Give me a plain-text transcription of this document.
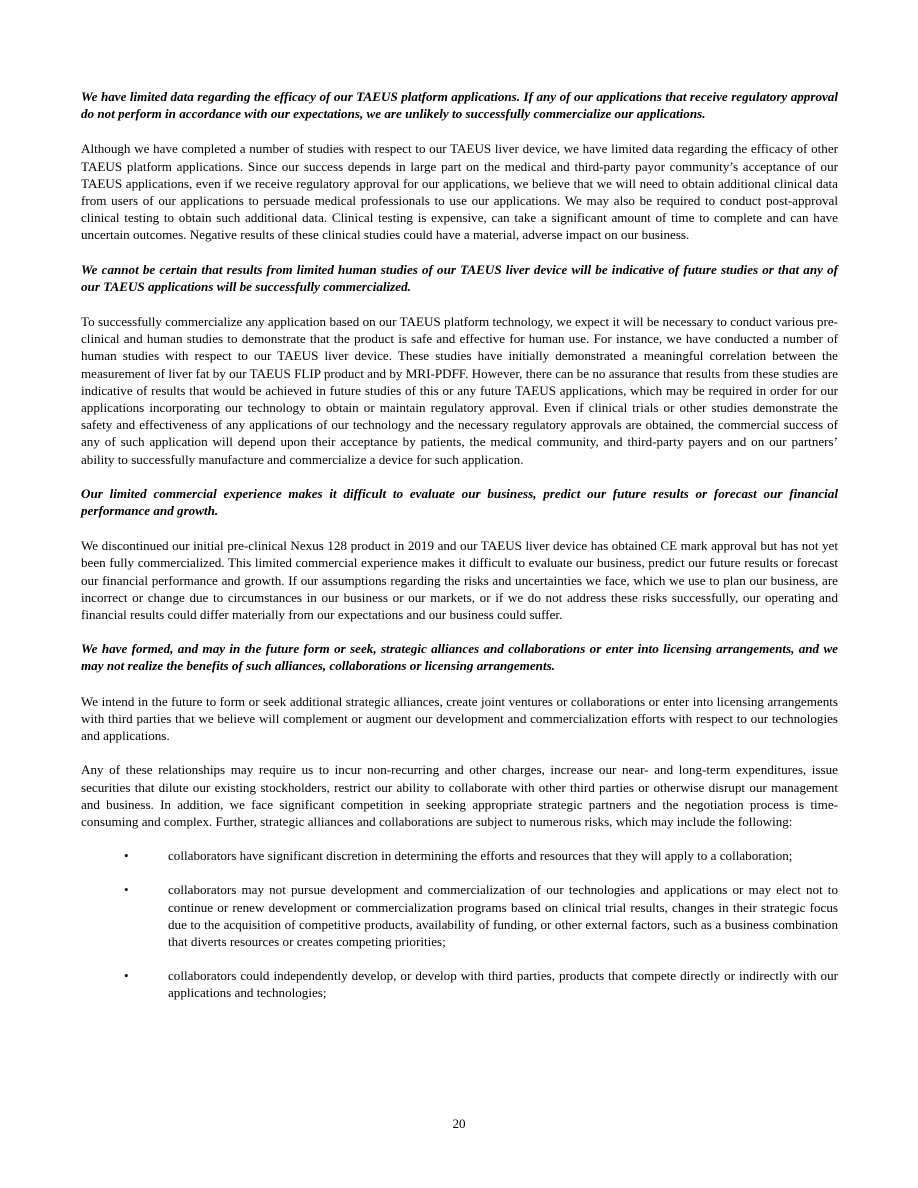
We have limited data regarding the efficacy of our TAEUS platform applications. If any of our applications that receive regulatory approval do not perform in accordance with our expectations, we are unlikely to successfully commercialize our applications.

Although we have completed a number of studies with respect to our TAEUS liver device, we have limited data regarding the efficacy of other TAEUS platform applications. Since our success depends in large part on the medical and third-party payor community’s acceptance of our TAEUS applications, even if we receive regulatory approval for our applications, we believe that we will need to obtain additional clinical data from users of our applications to persuade medical professionals to use our applications. We may also be required to conduct post-approval clinical testing to obtain such additional data. Clinical testing is expensive, can take a significant amount of time to complete and can have uncertain outcomes. Negative results of these clinical studies could have a material, adverse impact on our business.

We cannot be certain that results from limited human studies of our TAEUS liver device will be indicative of future studies or that any of our TAEUS applications will be successfully commercialized.

To successfully commercialize any application based on our TAEUS platform technology, we expect it will be necessary to conduct various pre-clinical and human studies to demonstrate that the product is safe and effective for human use. For instance, we have conducted a number of human studies with respect to our TAEUS liver device. These studies have initially demonstrated a meaningful correlation between the measurement of liver fat by our TAEUS FLIP product and by MRI-PDFF. However, there can be no assurance that results from these studies are indicative of results that would be achieved in future studies of this or any future TAEUS applications, which may be required in order for our applications incorporating our technology to obtain or maintain regulatory approval. Even if clinical trials or other studies demonstrate the safety and effectiveness of any applications of our technology and the necessary regulatory approvals are obtained, the commercial success of any of such application will depend upon their acceptance by patients, the medical community, and third-party payers and on our partners’ ability to successfully manufacture and commercialize a device for such application.

Our limited commercial experience makes it difficult to evaluate our business, predict our future results or forecast our financial performance and growth.

We discontinued our initial pre-clinical Nexus 128 product in 2019 and our TAEUS liver device has obtained CE mark approval but has not yet been fully commercialized. This limited commercial experience makes it difficult to evaluate our business, predict our future results or forecast our financial performance and growth. If our assumptions regarding the risks and uncertainties we face, which we use to plan our business, are incorrect or change due to circumstances in our business or our markets, or if we do not address these risks successfully, our operating and financial results could differ materially from our expectations and our business could suffer.

We have formed, and may in the future form or seek, strategic alliances and collaborations or enter into licensing arrangements, and we may not realize the benefits of such alliances, collaborations or licensing arrangements.

We intend in the future to form or seek additional strategic alliances, create joint ventures or collaborations or enter into licensing arrangements with third parties that we believe will complement or augment our development and commercialization efforts with respect to our technologies and applications.

Any of these relationships may require us to incur non-recurring and other charges, increase our near- and long-term expenditures, issue securities that dilute our existing stockholders, restrict our ability to collaborate with other third parties or otherwise disrupt our management and business. In addition, we face significant competition in seeking appropriate strategic partners and the negotiation process is time-consuming and complex. Further, strategic alliances and collaborations are subject to numerous risks, which may include the following:

•	collaborators have significant discretion in determining the efforts and resources that they will apply to a collaboration;
•	collaborators may not pursue development and commercialization of our technologies and applications or may elect not to continue or renew development or commercialization programs based on clinical trial results, changes in their strategic focus due to the acquisition of competitive products, availability of funding, or other external factors, such as a business combination that diverts resources or creates competing priorities;
•	collaborators could independently develop, or develop with third parties, products that compete directly or indirectly with our applications and technologies;
20
